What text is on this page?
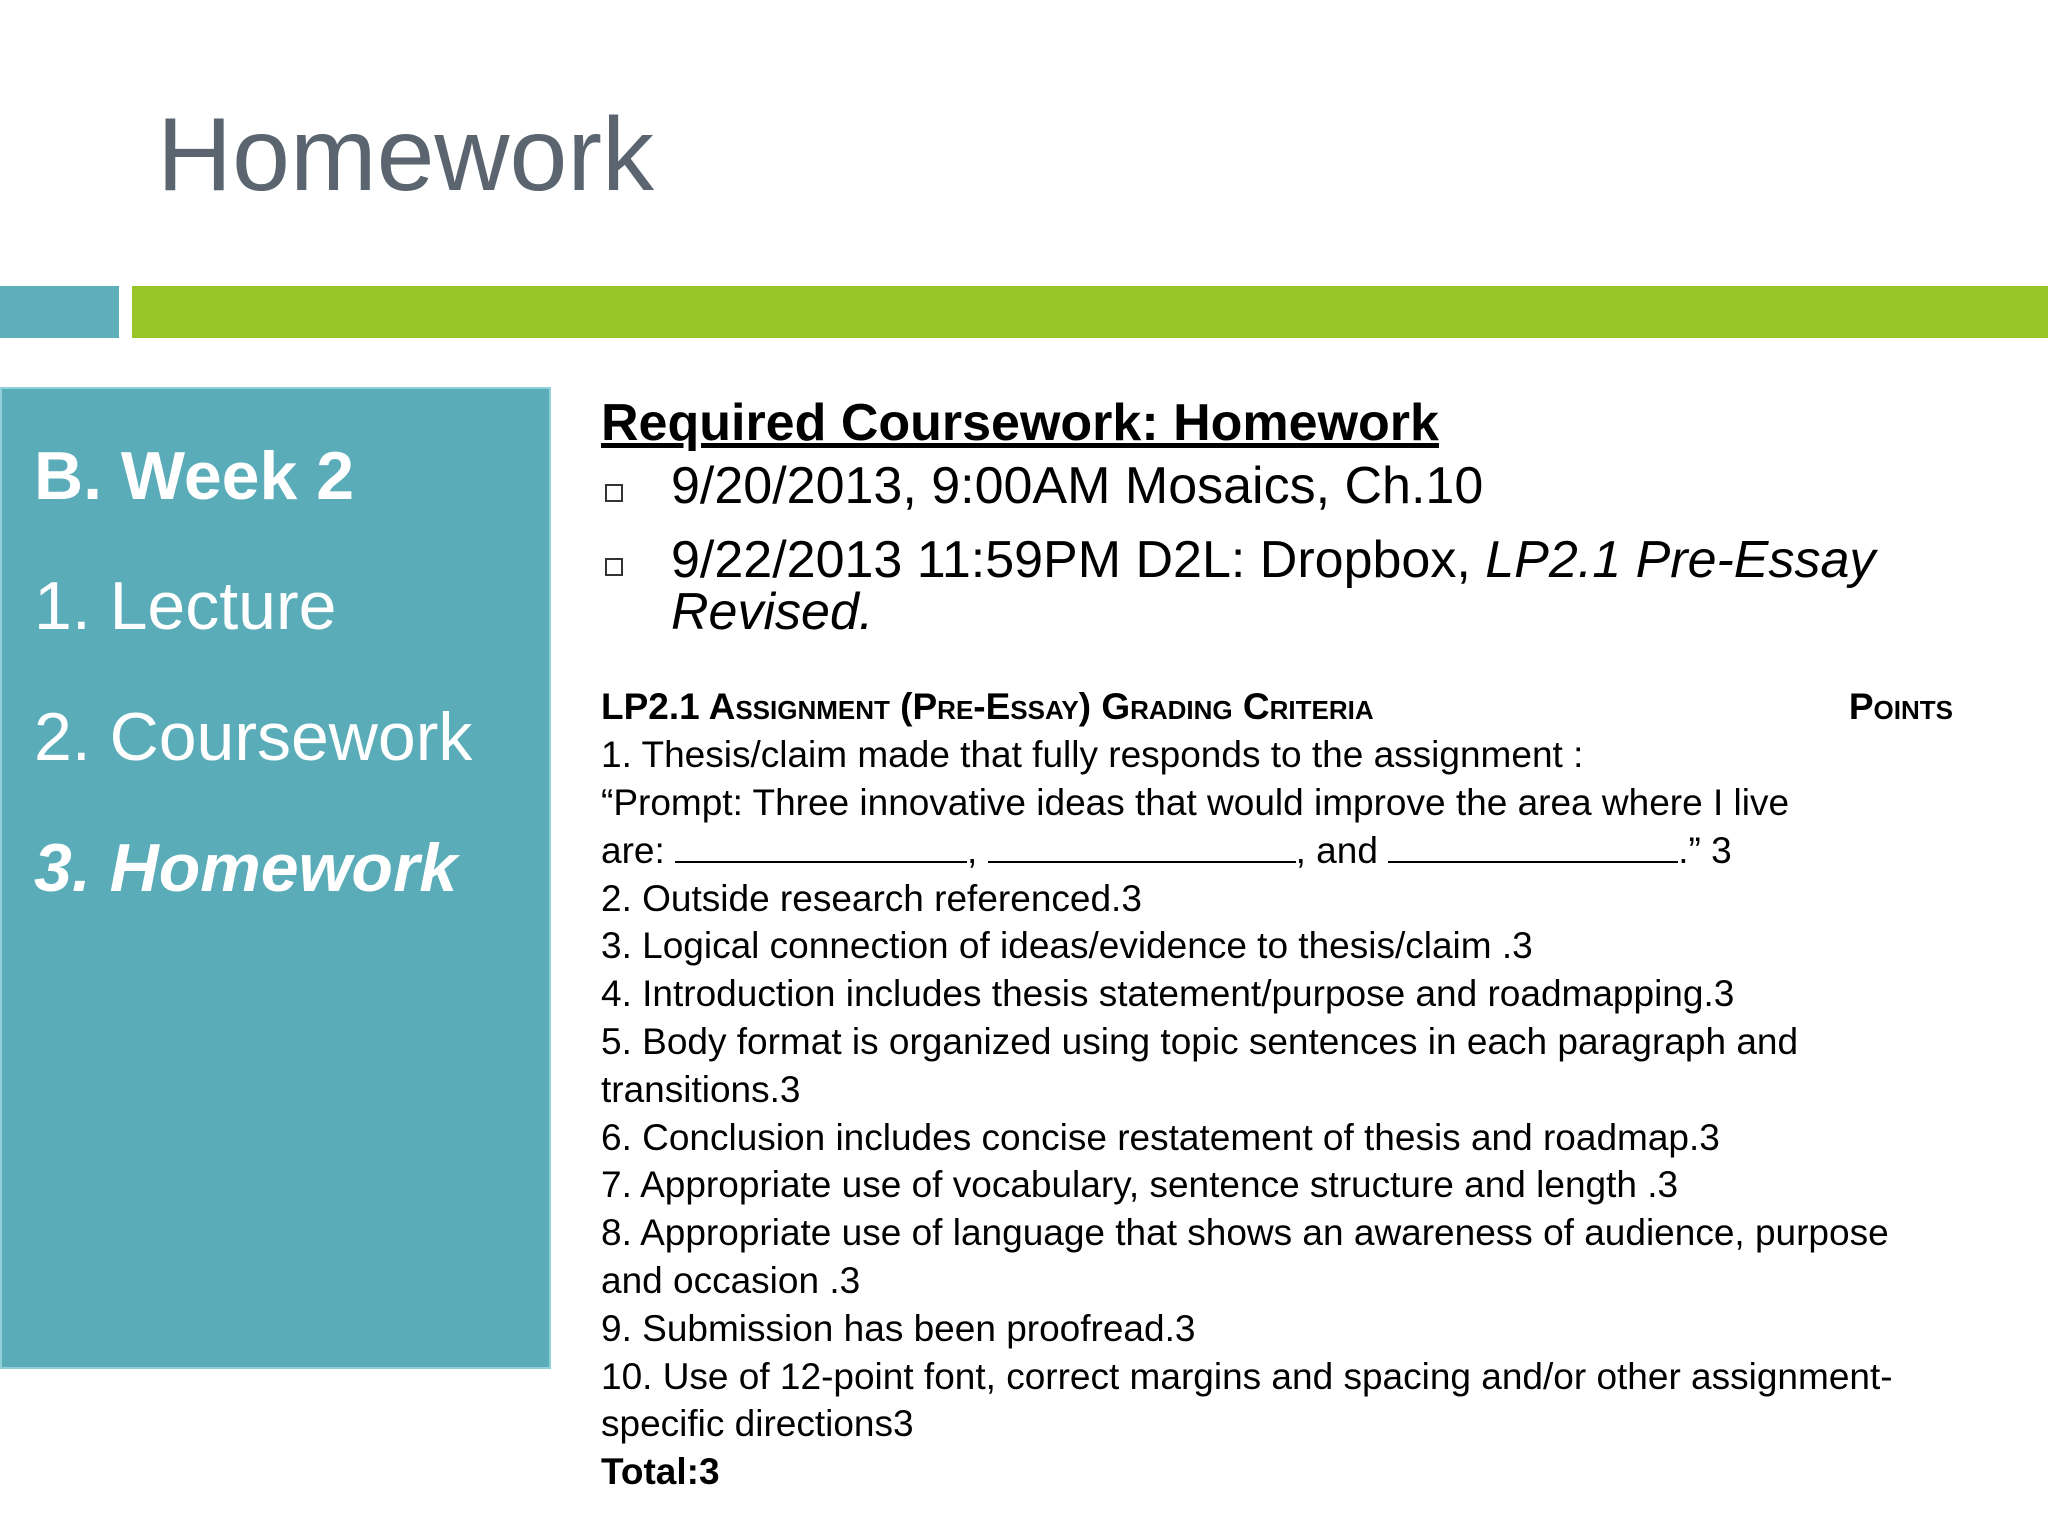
Homework
B. Week 2
1. Lecture
2. Coursework
3. Homework
Required Coursework: Homework
9/20/2013, 9:00AM Mosaics, Ch.10
9/22/2013 11:59PM D2L: Dropbox, LP2.1 Pre-Essay Revised.
LP2.1 Assignment (Pre-Essay) Grading Criteria	Points
1. Thesis/claim made that fully responds to the assignment :
“Prompt: Three innovative ideas that would improve the area where I live
are:	,	, and	.” 3
2. Outside research referenced.3
3. Logical connection of ideas/evidence to thesis/claim .3
4. Introduction includes thesis statement/purpose and roadmapping.3
5. Body format is organized using topic sentences in each paragraph and
transitions.3
6. Conclusion includes concise restatement of thesis and roadmap.3
7. Appropriate use of vocabulary, sentence structure and length .3
8. Appropriate use of language that shows an awareness of audience, purpose
and occasion .3
9. Submission has been proofread.3
10. Use of 12-point font, correct margins and spacing and/or other assignment-
specific directions3
Total:3
